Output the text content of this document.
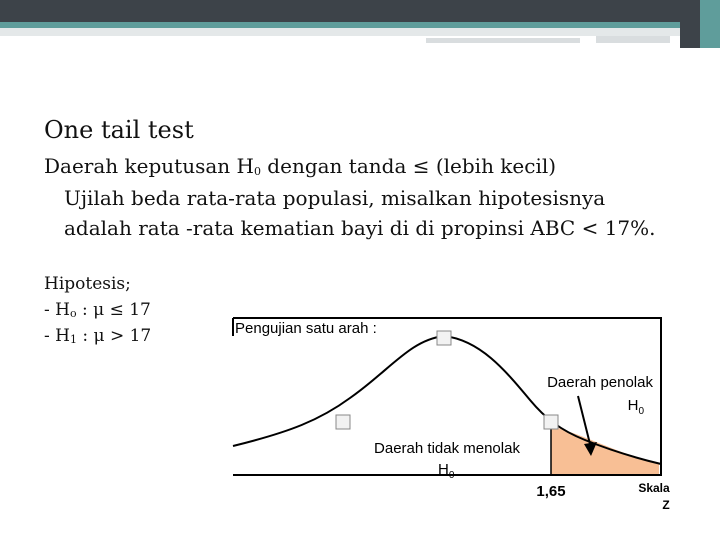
One tail test
Daerah keputusan $H_0$ dengan tanda ≤ (lebih kecil)
Ujilah beda rata-rata populasi, misalkan hipotesisnya
adalah rata -rata kematian bayi di di propinsi ABC < 17%.
Hipotesis;
- $H_o$ : μ ≤ 17
- $H_1$ : μ > 17	Pengujian satu arah :
Daerah penolak
$H_0$
Daerah tidak menolak
$H_0$
1,65	Skala
Z
